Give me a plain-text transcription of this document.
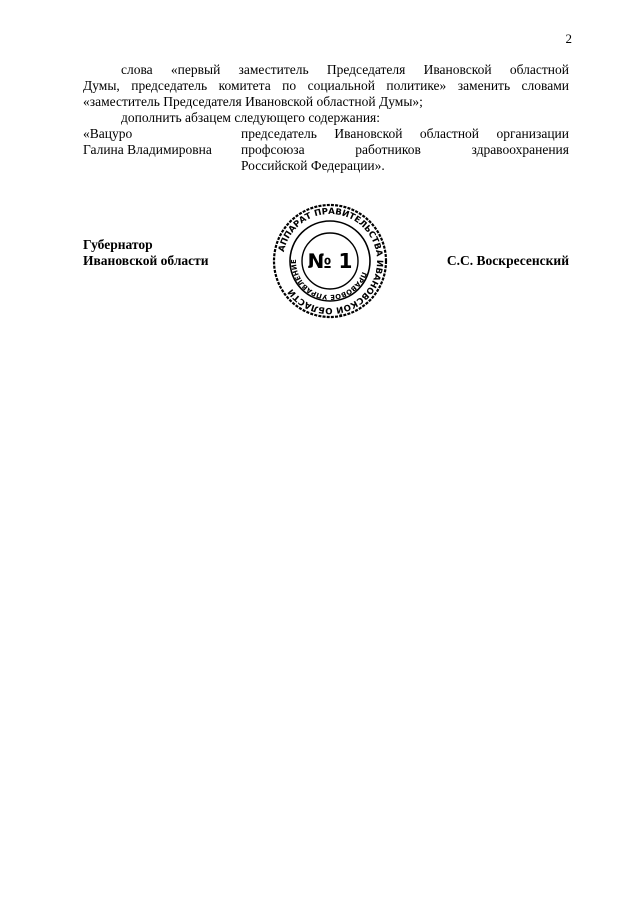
2

слова «первый заместитель Председателя Ивановской областной
Думы, председатель комитета по социальной политике» заменить словами
«заместитель Председателя Ивановской областной Думы»;

дополнить абзацем следующего содержания:

«Вацуро
Галина Владимировна
председатель Ивановской областной организации
профсоюза работников здравоохранения
Российской Федерации».
Губернатор
Ивановской области	С.С. Воскресенский
АППАРАТ ПРАВИТЕЛЬСТВА ИВАНОВСКОЙ ОБЛАСТИ
ПРАВОВОЕ УПРАВЛЕНИЕ № 1
